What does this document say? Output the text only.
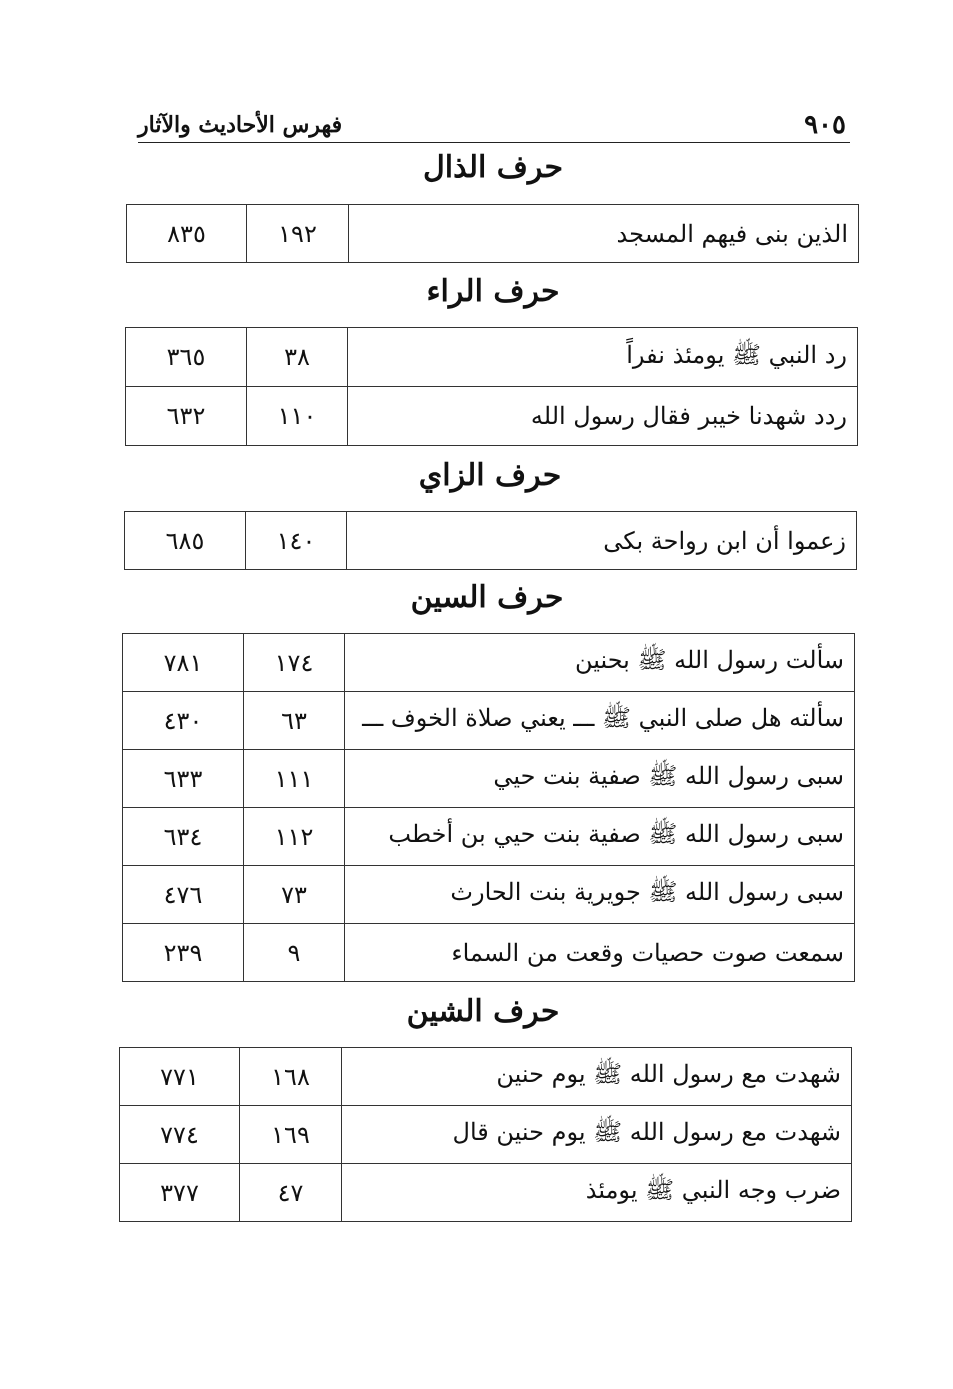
٩٠٥
فهرس الأحاديث والآثار
حرف الذال
الذين بنى فيهم المسجد	١٩٢	٨٣٥
حرف الراء
رد النبي ﷺ يومئذ نفراً	٣٨	٣٦٥
ردد شهدنا خيبر فقال رسول الله	١١٠	٦٣٢
حرف الزاي
زعموا أن ابن رواحة بكى	١٤٠	٦٨٥
حرف السين
سألت رسول الله ﷺ بحنين	١٧٤	٧٨١
سألته هل صلى النبي ﷺ ـــ يعني صلاة الخوف ـــ	٦٣	٤٣٠
سبى رسول الله ﷺ صفية بنت حيي	١١١	٦٣٣
سبى رسول الله ﷺ صفية بنت حيي بن أخطب	١١٢	٦٣٤
سبى رسول الله ﷺ جويرية بنت الحارث	٧٣	٤٧٦
سمعت صوت حصيات وقعت من السماء	٩	٢٣٩
حرف الشين
شهدت مع رسول الله ﷺ يوم حنين	١٦٨	٧٧١
شهدت مع رسول الله ﷺ يوم حنين قال	١٦٩	٧٧٤
ضرب وجه النبي ﷺ يومئذ	٤٧	٣٧٧
